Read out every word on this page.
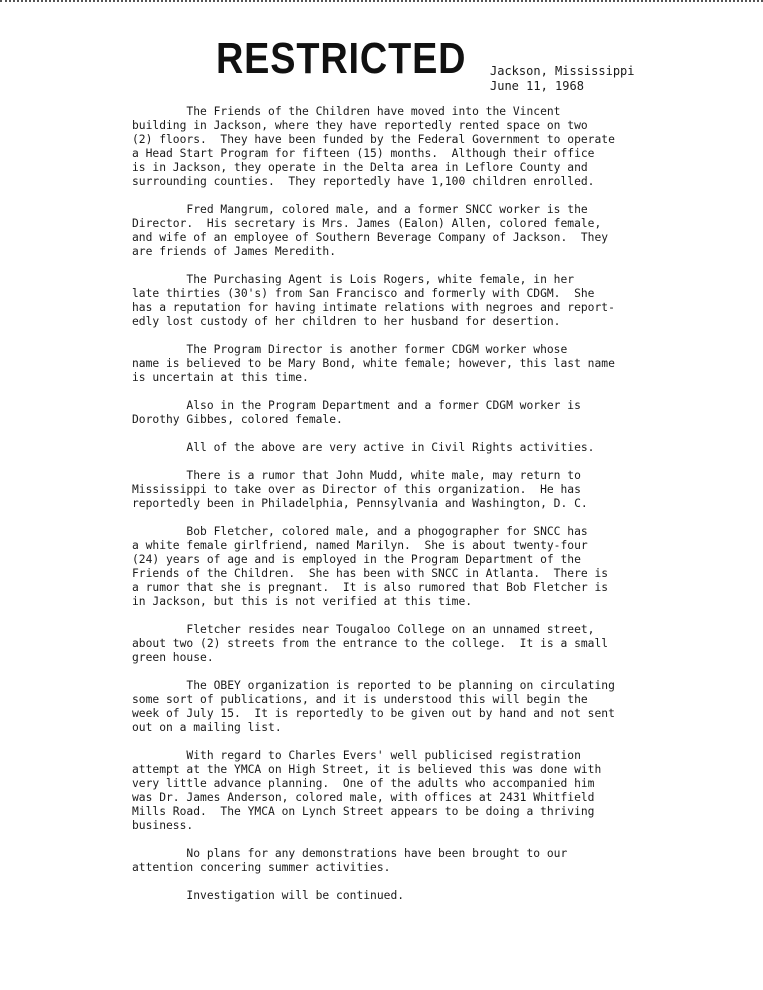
RESTRICTED Jackson, Mississippi
June 11, 1968
The Friends of the Children have moved into the Vincent
building in Jackson, where they have reportedly rented space on two
(2) floors.  They have been funded by the Federal Government to operate
a Head Start Program for fifteen (15) months.  Although their office
is in Jackson, they operate in the Delta area in Leflore County and
surrounding counties.  They reportedly have 1,100 children enrolled.
Fred Mangrum, colored male, and a former SNCC worker is the
Director.  His secretary is Mrs. James (Ealon) Allen, colored female,
and wife of an employee of Southern Beverage Company of Jackson.  They
are friends of James Meredith.
The Purchasing Agent is Lois Rogers, white female, in her
late thirties (30's) from San Francisco and formerly with CDGM.  She
has a reputation for having intimate relations with negroes and report-
edly lost custody of her children to her husband for desertion.
The Program Director is another former CDGM worker whose
name is believed to be Mary Bond, white female; however, this last name
is uncertain at this time.
Also in the Program Department and a former CDGM worker is
Dorothy Gibbes, colored female.
All of the above are very active in Civil Rights activities.
There is a rumor that John Mudd, white male, may return to
Mississippi to take over as Director of this organization.  He has
reportedly been in Philadelphia, Pennsylvania and Washington, D. C.
Bob Fletcher, colored male, and a phogographer for SNCC has
a white female girlfriend, named Marilyn.  She is about twenty-four
(24) years of age and is employed in the Program Department of the
Friends of the Children.  She has been with SNCC in Atlanta.  There is
a rumor that she is pregnant.  It is also rumored that Bob Fletcher is
in Jackson, but this is not verified at this time.
Fletcher resides near Tougaloo College on an unnamed street,
about two (2) streets from the entrance to the college.  It is a small
green house.
The OBEY organization is reported to be planning on circulating
some sort of publications, and it is understood this will begin the
week of July 15.  It is reportedly to be given out by hand and not sent
out on a mailing list.
With regard to Charles Evers' well publicised registration
attempt at the YMCA on High Street, it is believed this was done with
very little advance planning.  One of the adults who accompanied him
was Dr. James Anderson, colored male, with offices at 2431 Whitfield
Mills Road.  The YMCA on Lynch Street appears to be doing a thriving
business.
No plans for any demonstrations have been brought to our
attention concering summer activities.
Investigation will be continued.
